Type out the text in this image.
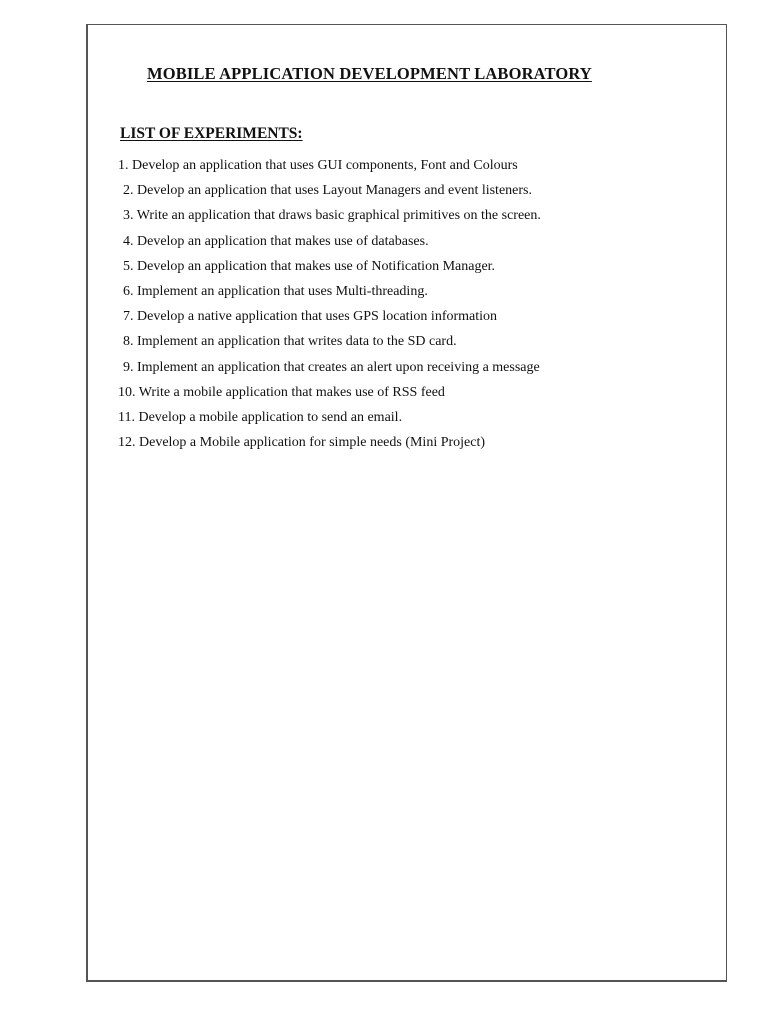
MOBILE APPLICATION DEVELOPMENT LABORATORY
LIST OF EXPERIMENTS:
1. Develop an application that uses GUI components, Font and Colours
2. Develop an application that uses Layout Managers and event listeners.
3. Write an application that draws basic graphical primitives on the screen.
4. Develop an application that makes use of databases.
5. Develop an application that makes use of Notification Manager.
6. Implement an application that uses Multi-threading.
7. Develop a native application that uses GPS location information
8. Implement an application that writes data to the SD card.
9. Implement an application that creates an alert upon receiving a message
10. Write a mobile application that makes use of RSS feed
11. Develop a mobile application to send an email.
12. Develop a Mobile application for simple needs (Mini Project)
